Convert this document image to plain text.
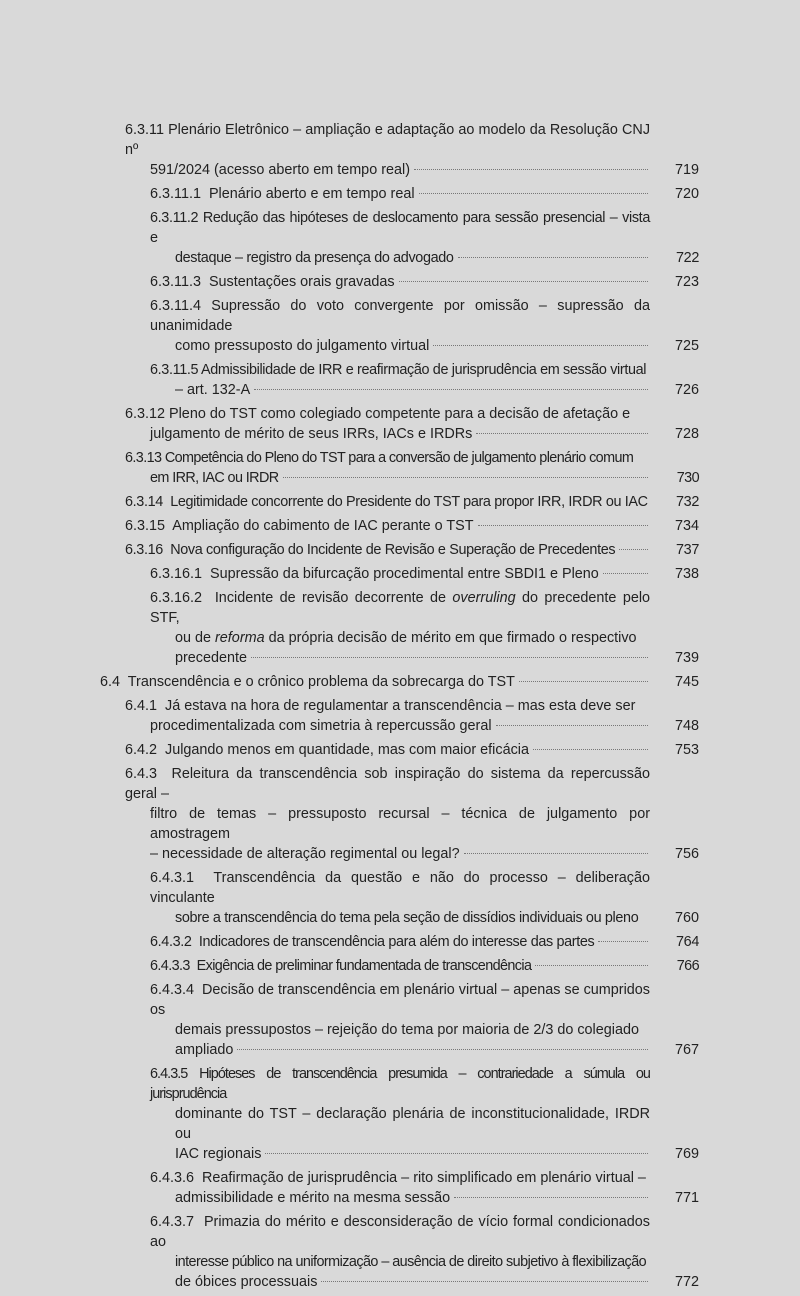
6.3.11 Plenário Eletrônico – ampliação e adaptação ao modelo da Resolução CNJ nº
591/2024 (acesso aberto em tempo real)	719
6.3.11.1 Plenário aberto e em tempo real	720
6.3.11.2 Redução das hipóteses de deslocamento para sessão presencial – vista e
destaque – registro da presença do advogado	722
6.3.11.3 Sustentações orais gravadas	723
6.3.11.4 Supressão do voto convergente por omissão – supressão da unanimidade
como pressuposto do julgamento virtual	725
6.3.11.5 Admissibilidade de IRR e reafirmação de jurisprudência em sessão virtual
– art. 132-A	726
6.3.12 Pleno do TST como colegiado competente para a decisão de afetação e
julgamento de mérito de seus IRRs, IACs e IRDRs	728
6.3.13 Competência do Pleno do TST para a conversão de julgamento plenário comum
em IRR, IAC ou IRDR	730
6.3.14 Legitimidade concorrente do Presidente do TST para propor IRR, IRDR ou IAC	732
6.3.15 Ampliação do cabimento de IAC perante o TST	734
6.3.16 Nova configuração do Incidente de Revisão e Superação de Precedentes	737
6.3.16.1 Supressão da bifurcação procedimental entre SBDI1 e Pleno	738
6.3.16.2 Incidente de revisão decorrente de overruling do precedente pelo STF,
ou de reforma da própria decisão de mérito em que firmado o respectivo
precedente	739
6.4 Transcendência e o crônico problema da sobrecarga do TST	745
6.4.1 Já estava na hora de regulamentar a transcendência – mas esta deve ser
procedimentalizada com simetria à repercussão geral	748
6.4.2 Julgando menos em quantidade, mas com maior eficácia	753
6.4.3 Releitura da transcendência sob inspiração do sistema da repercussão geral –
filtro de temas – pressuposto recursal – técnica de julgamento por amostragem
– necessidade de alteração regimental ou legal?	756
6.4.3.1 Transcendência da questão e não do processo – deliberação vinculante
sobre a transcendência do tema pela seção de dissídios individuais ou pleno	760
6.4.3.2 Indicadores de transcendência para além do interesse das partes	764
6.4.3.3 Exigência de preliminar fundamentada de transcendência	766
6.4.3.4 Decisão de transcendência em plenário virtual – apenas se cumpridos os
demais pressupostos – rejeição do tema por maioria de 2/3 do colegiado
ampliado	767
6.4.3.5 Hipóteses de transcendência presumida – contrariedade a súmula ou jurisprudência
dominante do TST – declaração plenária de inconstitucionalidade, IRDR ou
IAC regionais	769
6.4.3.6 Reafirmação de jurisprudência – rito simplificado em plenário virtual –
admissibilidade e mérito na mesma sessão	771
6.4.3.7 Primazia do mérito e desconsideração de vício formal condicionados ao
interesse público na uniformização – ausência de direito subjetivo à flexibilização
de óbices processuais	772
